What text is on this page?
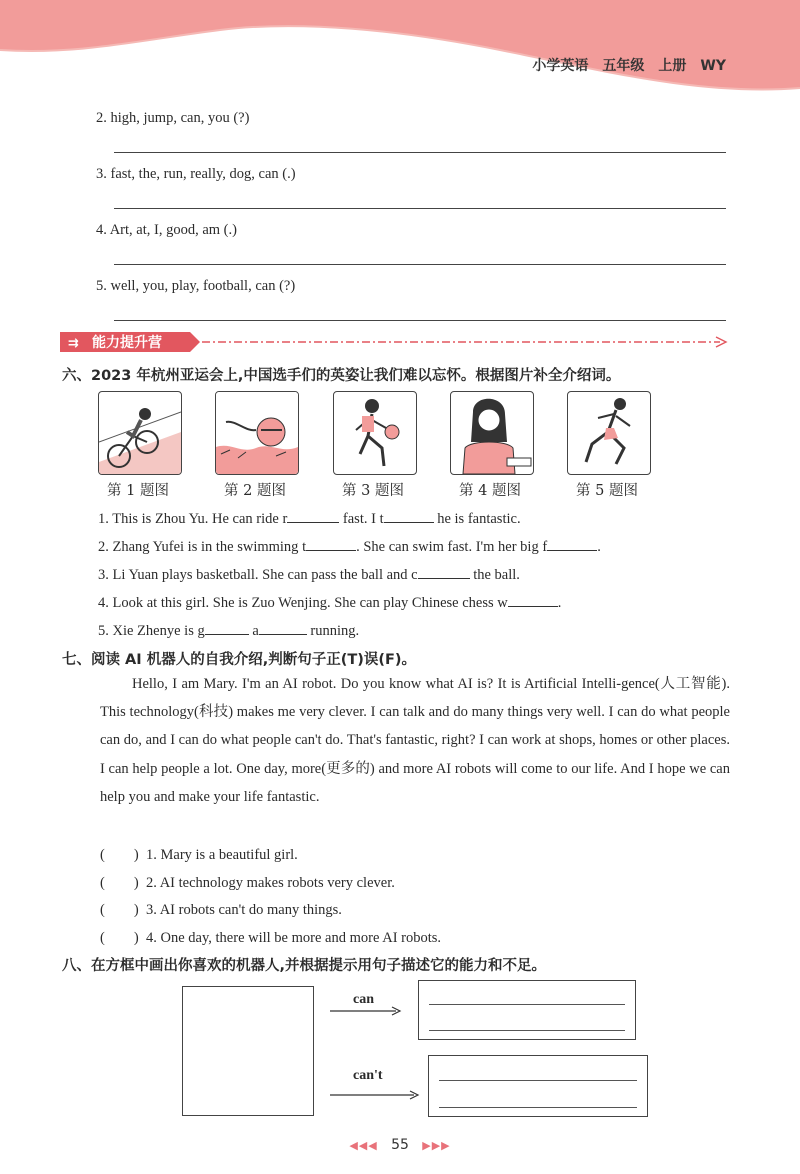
小学英语　五年级　上册　WY
2. high, jump, can, you (?)
3. fast, the, run, really, dog, can (.)
4. Art, at, I, good, am (.)
5. well, you, play, football, can (?)
⇉ 能力提升营
六、2023 年杭州亚运会上,中国选手们的英姿让我们难以忘怀。根据图片补全介绍词。
第 1 题图	第 2 题图	第 3 题图	第 4 题图	第 5 题图
1. This is Zhou Yu. He can ride r	fast. I t	he is fantastic.
2. Zhang Yufei is in the swimming t	. She can swim fast. I'm her big f	.
3. Li Yuan plays basketball. She can pass the ball and c	the ball.
4. Look at this girl. She is Zuo Wenjing. She can play Chinese chess w	.
5. Xie Zhenye is g	a	running.
七、阅读 AI 机器人的自我介绍,判断句子正(T)误(F)。
Hello, I am Mary. I'm an AI robot. Do you know what AI is? It is Artificial Intelli-gence(人工智能). This technology(科技) makes me very clever. I can talk and do many things very well. I can do what people can do, and I can do what people can't do. That's fantastic, right? I can work at shops, homes or other places. I can help people a lot. One day, more(更多的) and more AI robots will come to our life. And I hope we can help you and make your life fantastic.
(　　) 1. Mary is a beautiful girl.
(　　) 2. AI technology makes robots very clever.
(　　) 3. AI robots can't do many things.
(　　) 4. One day, there will be more and more AI robots.
八、在方框中画出你喜欢的机器人,并根据提示用句子描述它的能力和不足。
can
can't
◀◀◀ 55 ▶▶▶
